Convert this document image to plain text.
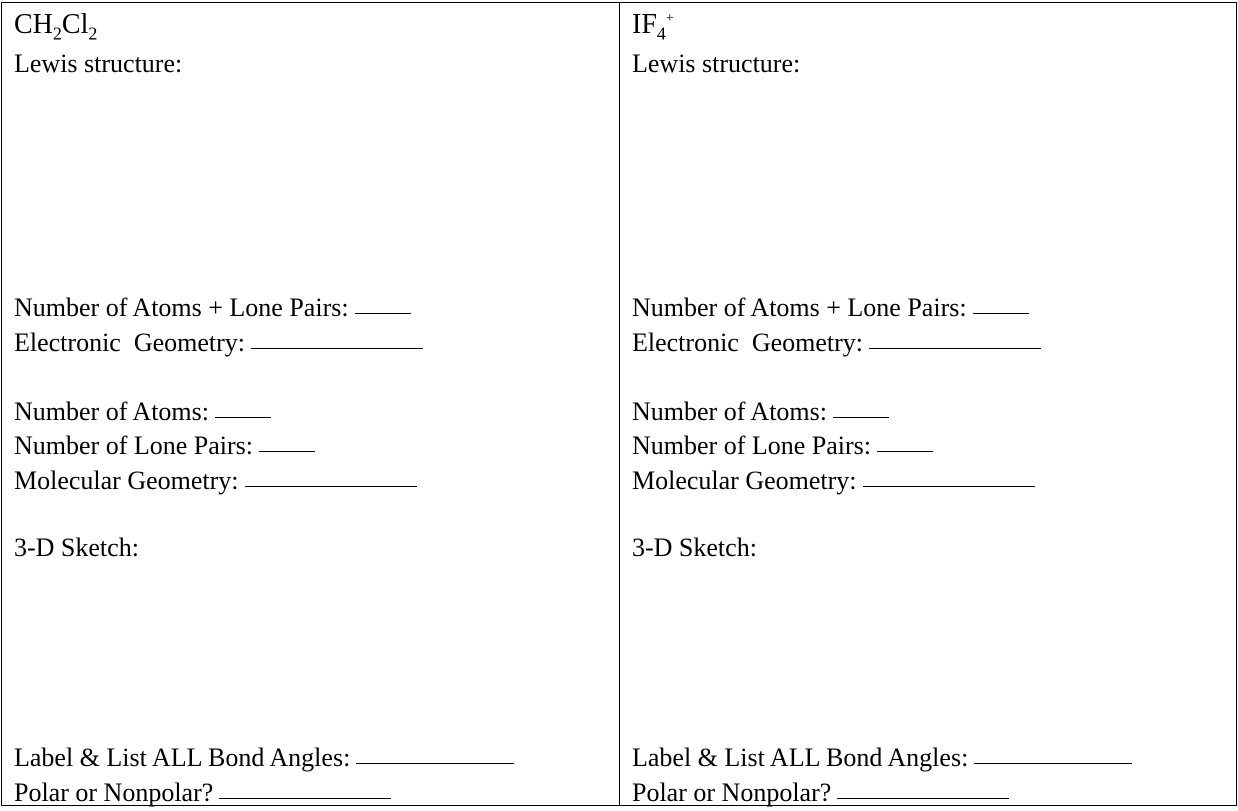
$CH_2Cl_2$
Lewis structure:
Number of Atoms + Lone Pairs:
Electronic  Geometry:
Number of Atoms:
Number of Lone Pairs:
Molecular Geometry:
3-D Sketch:
Label & List ALL Bond Angles:
Polar or Nonpolar?
$IF_4^+$
Lewis structure:
Number of Atoms + Lone Pairs:
Electronic  Geometry:
Number of Atoms:
Number of Lone Pairs:
Molecular Geometry:
3-D Sketch:
Label & List ALL Bond Angles:
Polar or Nonpolar?
